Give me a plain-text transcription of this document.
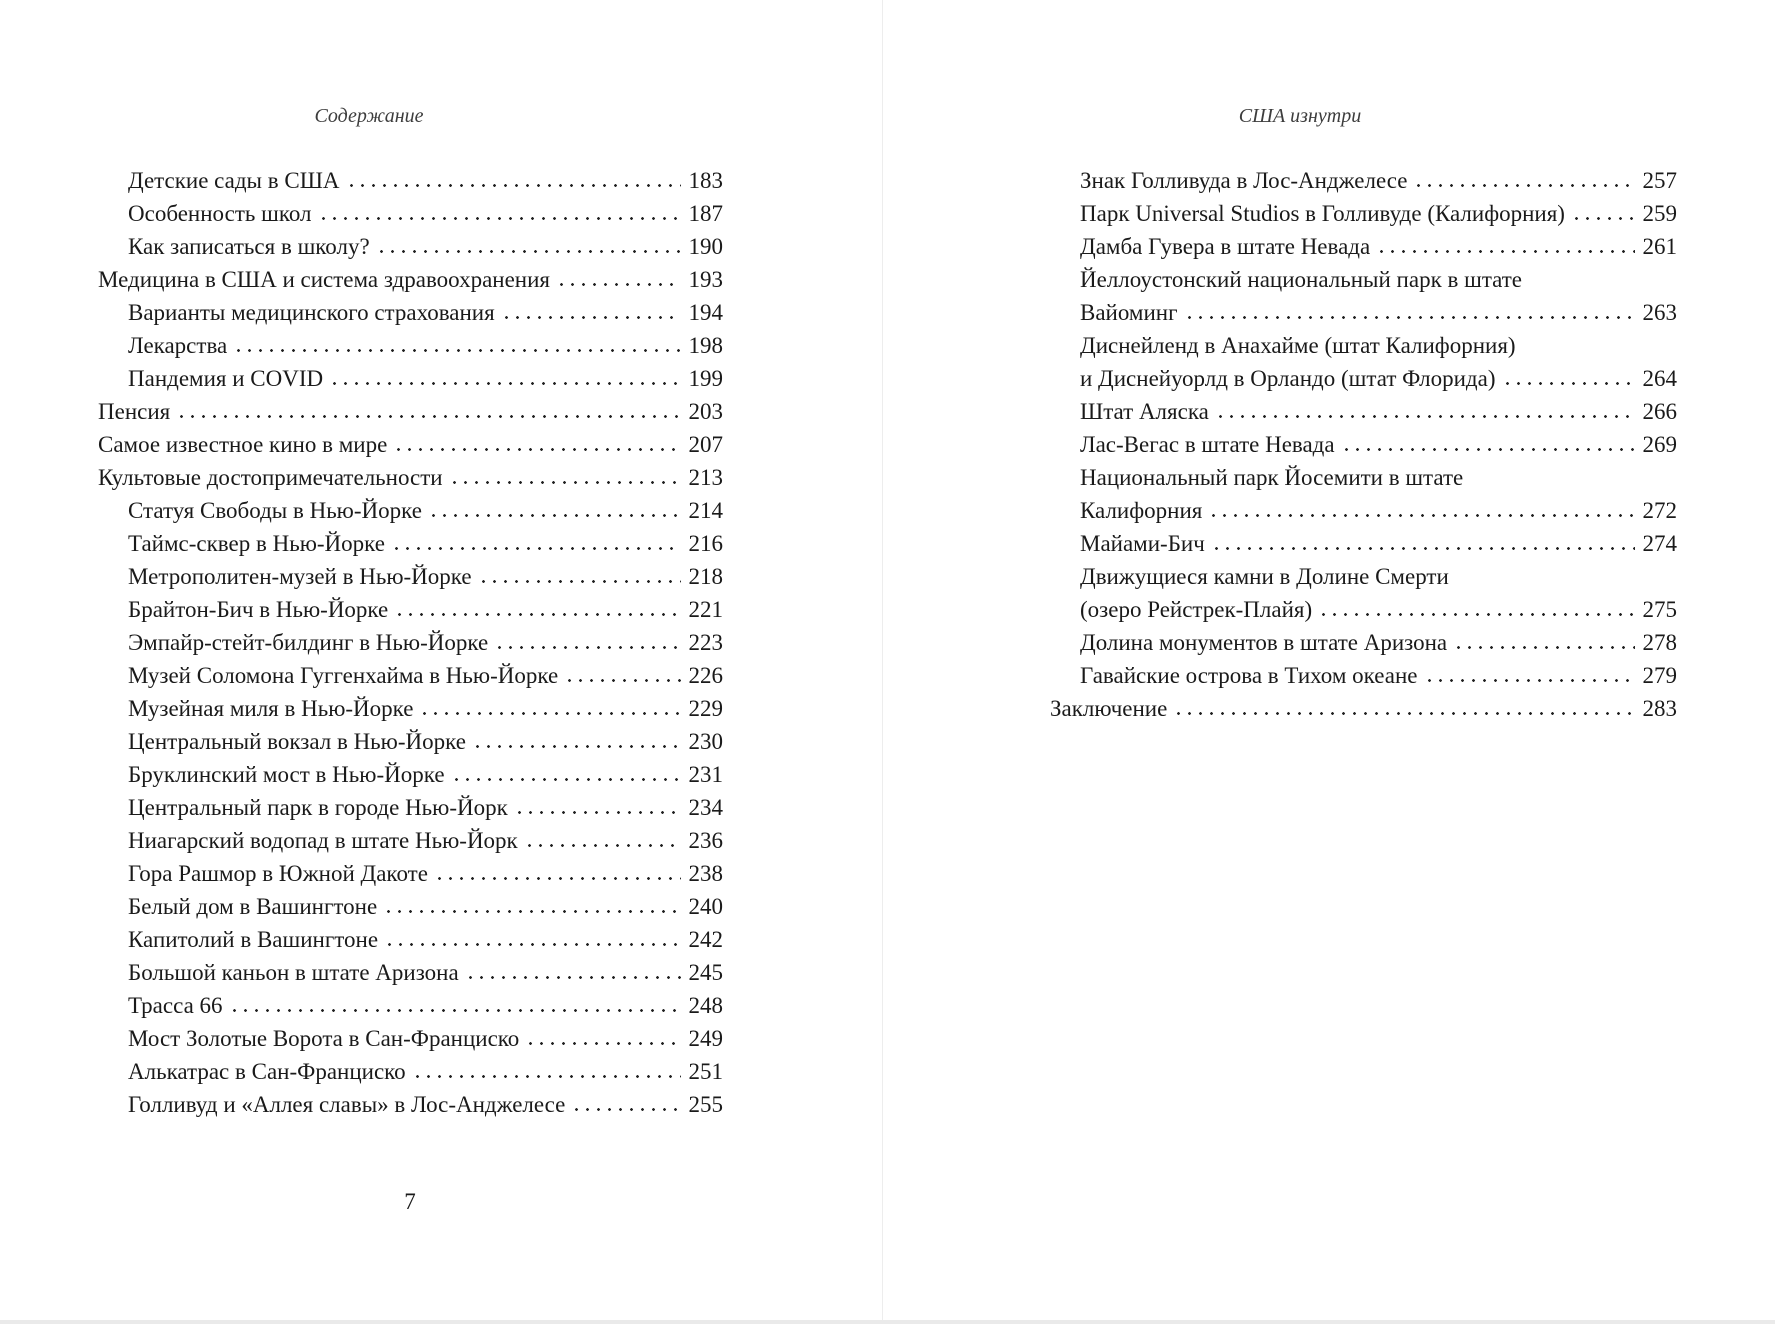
Содержание
Детские сады в США	183
Особенность школ	187
Как записаться в школу?	190
Медицина в США и система здравоохранения	193
Варианты медицинского страхования	194
Лекарства	198
Пандемия и COVID	199
Пенсия	203
Самое известное кино в мире	207
Культовые достопримечательности	213
Статуя Свободы в Нью-Йорке	214
Таймс-сквер в Нью-Йорке	216
Метрополитен-музей в Нью-Йорке	218
Брайтон-Бич в Нью-Йорке	221
Эмпайр-стейт-билдинг в Нью-Йорке	223
Музей Соломона Гуггенхайма в Нью-Йорке	226
Музейная миля в Нью-Йорке	229
Центральный вокзал в Нью-Йорке	230
Бруклинский мост в Нью-Йорке	231
Центральный парк в городе Нью-Йорк	234
Ниагарский водопад в штате Нью-Йорк	236
Гора Рашмор в Южной Дакоте	238
Белый дом в Вашингтоне	240
Капитолий в Вашингтоне	242
Большой каньон в штате Аризона	245
Трасса 66	248
Мост Золотые Ворота в Сан-Франциско	249
Алькатрас в Сан-Франциско	251
Голливуд и «Аллея славы» в Лос-Анджелесе	255
7
США изнутри
Знак Голливуда в Лос-Анджелесе	257
Парк Universal Studios в Голливуде (Калифорния)	259
Дамба Гувера в штате Невада	261
Йеллоустонский национальный парк в штате
Вайоминг	263
Диснейленд в Анахайме (штат Калифорния)
и Диснейуорлд в Орландо (штат Флорида)	264
Штат Аляска	266
Лас-Вегас в штате Невада	269
Национальный парк Йосемити в штате
Калифорния	272
Майами-Бич	274
Движущиеся камни в Долине Смерти
(озеро Рейстрек-Плайя)	275
Долина монументов в штате Аризона	278
Гавайские острова в Тихом океане	279
Заключение	283
